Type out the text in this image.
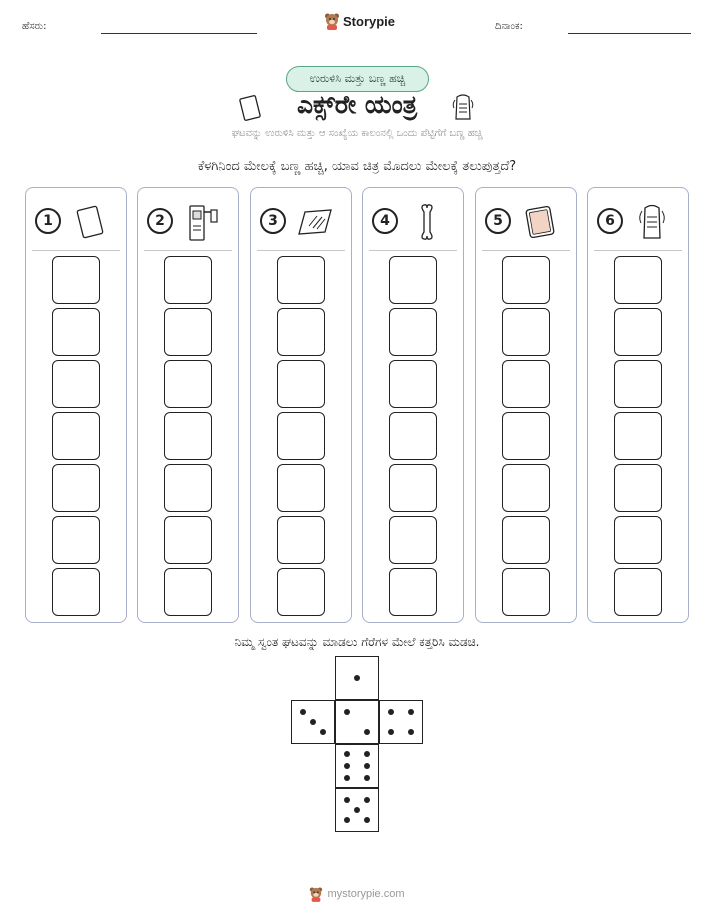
ಹೆಸರು:	Storypie	ದಿನಾಂಕ:
ಉರುಳಿಸಿ ಮತ್ತು ಬಣ್ಣ ಹಚ್ಚಿ
ಎಕ್ಸ್‌ರೇ ಯಂತ್ರ
ಘಟವನ್ನು ಉರುಳಿಸಿ ಮತ್ತು ಆ ಸಂಖ್ಯೆಯ ಕಾಲಂನಲ್ಲಿ ಒಂದು ಪೆಟ್ಟಿಗೆಗೆ ಬಣ್ಣ ಹಚ್ಚಿ
ಕೆಳಗಿನಿಂದ ಮೇಲಕ್ಕೆ ಬಣ್ಣ ಹಚ್ಚಿ, ಯಾವ ಚಿತ್ರ ಮೊದಲು ಮೇಲಕ್ಕೆ ತಲುಪುತ್ತದೆ?
1	2	3	4	5	6
ನಿಮ್ಮ ಸ್ವಂತ ಘಟವನ್ನು ಮಾಡಲು ಗೆರೆಗಳ ಮೇಲೆ ಕತ್ತರಿಸಿ ಮಡಚಿ.
mystorypie.com
